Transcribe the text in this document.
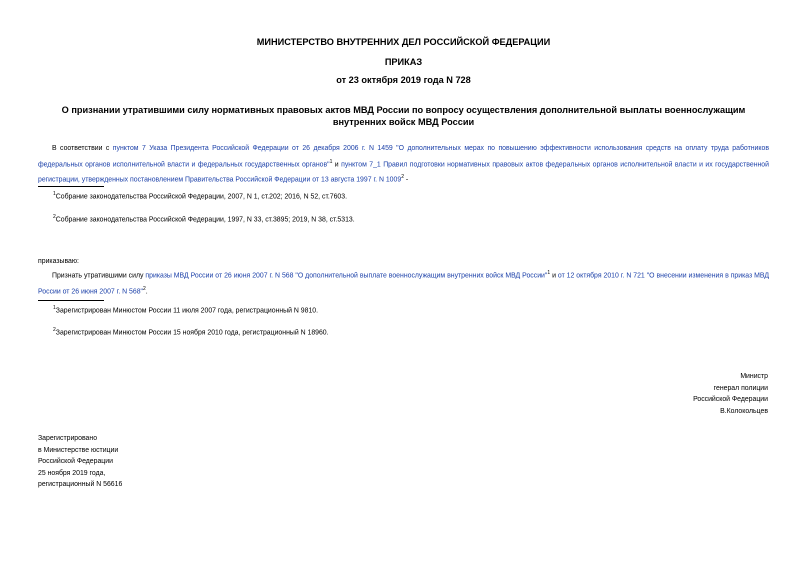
МИНИСТЕРСТВО ВНУТРЕННИХ ДЕЛ РОССИЙСКОЙ ФЕДЕРАЦИИ
ПРИКАЗ
от 23 октября 2019 года N 728
О признании утратившими силу нормативных правовых актов МВД России по вопросу осуществления дополнительной выплаты военнослужащим внутренних войск МВД России
В соответствии с пунктом 7 Указа Президента Российской Федерации от 26 декабря 2006 г. N 1459 "О дополнительных мерах по повышению эффективности использования средств на оплату труда работников федеральных органов исполнительной власти и федеральных государственных органов"$^1$ и пунктом 7_1 Правил подготовки нормативных правовых актов федеральных органов исполнительной власти и их государственной регистрации, утвержденных постановлением Правительства Российской Федерации от 13 августа 1997 г. N 1009$^2$ -
$^1$Собрание законодательства Российской Федерации, 2007, N 1, ст.202; 2016, N 52, ст.7603.
$^2$Собрание законодательства Российской Федерации, 1997, N 33, ст.3895; 2019, N 38, ст.5313.
приказываю:
Признать утратившими силу приказы МВД России от 26 июня 2007 г. N 568 "О дополнительной выплате военнослужащим внутренних войск МВД России"$^1$ и от 12 октября 2010 г. N 721 "О внесении изменения в приказ МВД России от 26 июня 2007 г. N 568"$^2$.
$^1$Зарегистрирован Минюстом России 11 июля 2007 года, регистрационный N 9810.
$^2$Зарегистрирован Минюстом России 15 ноября 2010 года, регистрационный N 18960.
Министр
генерал полиции
Российской Федерации
В.Колокольцев
Зарегистрировано
в Министерстве юстиции
Российской Федерации
25 ноября 2019 года,
регистрационный N 56616
